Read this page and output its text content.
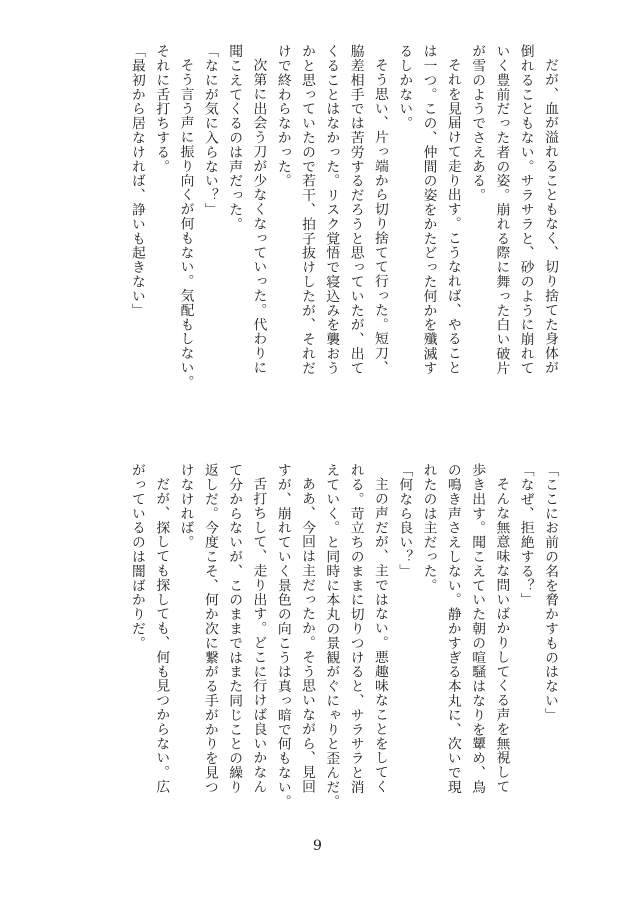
だが、血が溢れることもなく、切り捨てた身体が
倒れることもない。サラサラと、砂のように崩れて
いく豊前だった者の姿。崩れる際に舞った白い破片
が雪のようでさえある。
それを見届けて走り出す。こうなれば、やること
は一つ。この、仲間の姿をかたどった何かを殲滅す
るしかない。
そう思い、片っ端から切り捨てて行った。短刀、
脇差相手では苦労するだろうと思っていたが、出て
くることはなかった。リスク覚悟で寝込みを襲おう
かと思っていたので若干、拍子抜けしたが、それだ
けで終わらなかった。
次第に出会う刀が少なくなっていった。代わりに
聞こえてくるのは声だった。
「なにが気に入らない？」
そう言う声に振り向くが何もない。気配もしない。
それに舌打ちする。
「最初から居なければ、諍いも起きない」
「ここにお前の名を脅かすものはない」
「なぜ、拒絶する？」
そんな無意味な問いばかりしてくる声を無視して
歩き出す。聞こえていた朝の喧騒はなりを顰め、鳥
の鳴き声さえしない。静かすぎる本丸に、次いで現
れたのは主だった。
「何なら良い？」
主の声だが、主ではない。悪趣味なことをしてく
れる。苛立ちのままに切りつけると、サラサラと消
えていく。と同時に本丸の景観がぐにゃりと歪んだ。
ああ、今回は主だったか。そう思いながら、見回
すが、崩れていく景色の向こうは真っ暗で何もない。
舌打ちして、走り出す。どこに行けば良いかなん
て分からないが、このままではまた同じことの繰り
返しだ。今度こそ、何か次に繋がる手がかりを見つ
けなければ。
だが、探しても探しても、何も見つからない。広
がっているのは闇ばかりだ。
9
